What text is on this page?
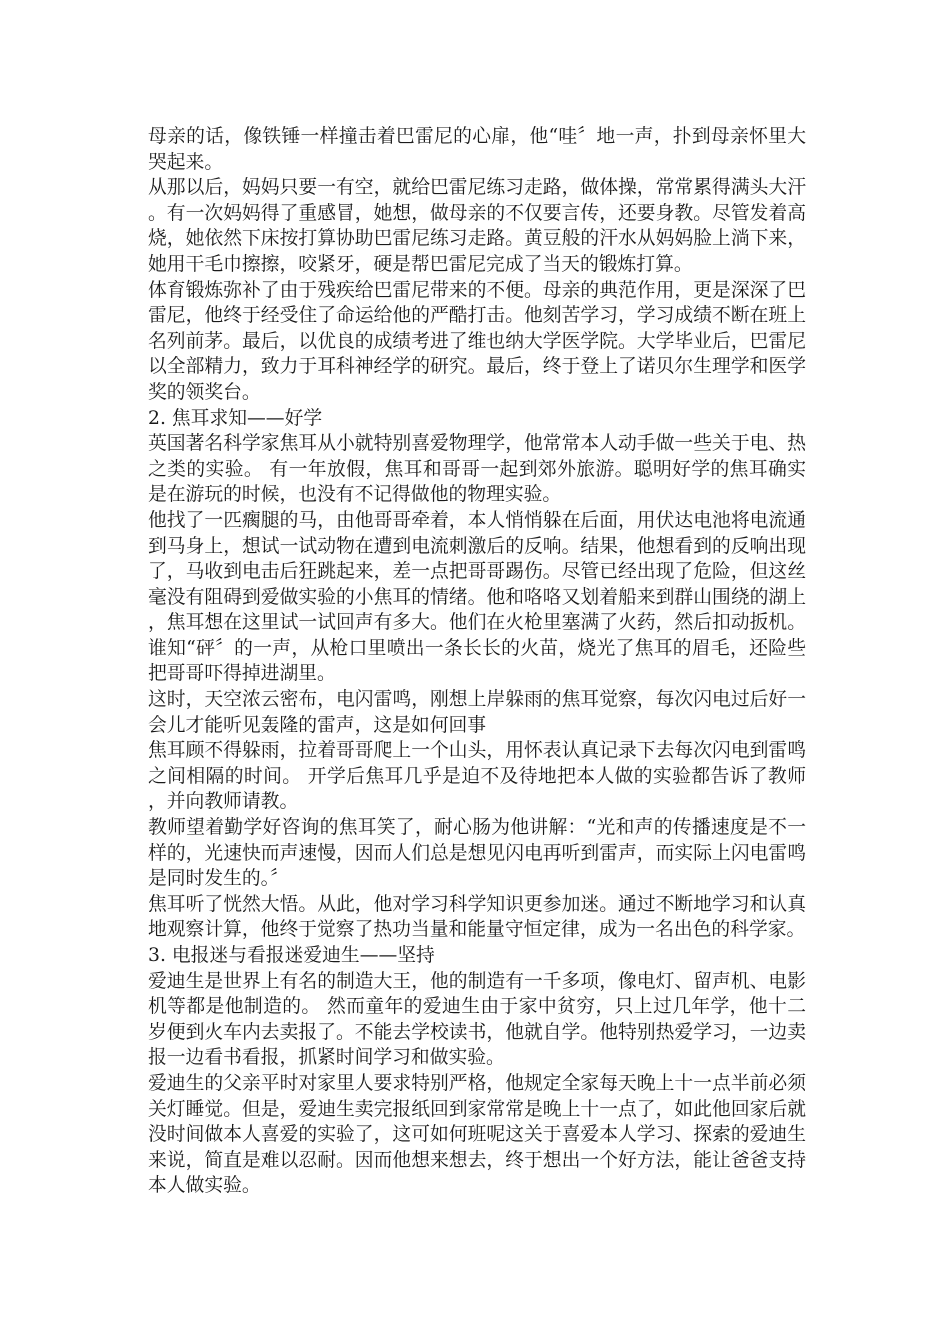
母亲的话，像铁锤一样撞击着巴雷尼的心扉，他“哇〞地一声，扑到母亲怀里大哭起来。

从那以后，妈妈只要一有空，就给巴雷尼练习走路，做体操，常常累得满头大汗。有一次妈妈得了重感冒，她想，做母亲的不仅要言传，还要身教。尽管发着高烧，她依然下床按打算协助巴雷尼练习走路。黄豆般的汗水从妈妈脸上淌下来，她用干毛巾擦擦，咬紧牙，硬是帮巴雷尼完成了当天的锻炼打算。

体育锻炼弥补了由于残疾给巴雷尼带来的不便。母亲的典范作用，更是深深了巴雷尼，他终于经受住了命运给他的严酷打击。他刻苦学习，学习成绩不断在班上名列前茅。最后，以优良的成绩考进了维也纳大学医学院。大学毕业后，巴雷尼以全部精力，致力于耳科神经学的研究。最后，终于登上了诺贝尔生理学和医学奖的领奖台。

2. 焦耳求知——好学

英国著名科学家焦耳从小就特别喜爱物理学，他常常本人动手做一些关于电、热之类的实验。 有一年放假，焦耳和哥哥一起到郊外旅游。聪明好学的焦耳确实是在游玩的时候，也没有不记得做他的物理实验。

他找了一匹瘸腿的马，由他哥哥牵着，本人悄悄躲在后面，用伏达电池将电流通到马身上，想试一试动物在遭到电流刺激后的反响。结果，他想看到的反响出现了，马收到电击后狂跳起来，差一点把哥哥踢伤。尽管已经出现了危险，但这丝毫没有阻碍到爱做实验的小焦耳的情绪。他和咯咯又划着船来到群山围绕的湖上，焦耳想在这里试一试回声有多大。他们在火枪里塞满了火药，然后扣动扳机。谁知“砰〞的一声，从枪口里喷出一条长长的火苗，烧光了焦耳的眉毛，还险些把哥哥吓得掉进湖里。

这时，天空浓云密布，电闪雷鸣，刚想上岸躲雨的焦耳觉察，每次闪电过后好一会儿才能听见轰隆的雷声，这是如何回事

焦耳顾不得躲雨，拉着哥哥爬上一个山头，用怀表认真记录下去每次闪电到雷鸣之间相隔的时间。 开学后焦耳几乎是迫不及待地把本人做的实验都告诉了教师，并向教师请教。

教师望着勤学好咨询的焦耳笑了，耐心肠为他讲解：“光和声的传播速度是不一样的，光速快而声速慢，因而人们总是想见闪电再听到雷声，而实际上闪电雷鸣是同时发生的。〞

焦耳听了恍然大悟。从此，他对学习科学知识更参加迷。通过不断地学习和认真地观察计算，他终于觉察了热功当量和能量守恒定律，成为一名出色的科学家。

3. 电报迷与看报迷爱迪生——坚持

爱迪生是世界上有名的制造大王，他的制造有一千多项，像电灯、留声机、电影机等都是他制造的。 然而童年的爱迪生由于家中贫穷，只上过几年学，他十二岁便到火车内去卖报了。不能去学校读书，他就自学。他特别热爱学习，一边卖报一边看书看报，抓紧时间学习和做实验。

爱迪生的父亲平时对家里人要求特别严格，他规定全家每天晚上十一点半前必须关灯睡觉。但是，爱迪生卖完报纸回到家常常是晚上十一点了，如此他回家后就没时间做本人喜爱的实验了，这可如何班呢这关于喜爱本人学习、探索的爱迪生来说，简直是难以忍耐。因而他想来想去，终于想出一个好方法，能让爸爸支持本人做实验。
